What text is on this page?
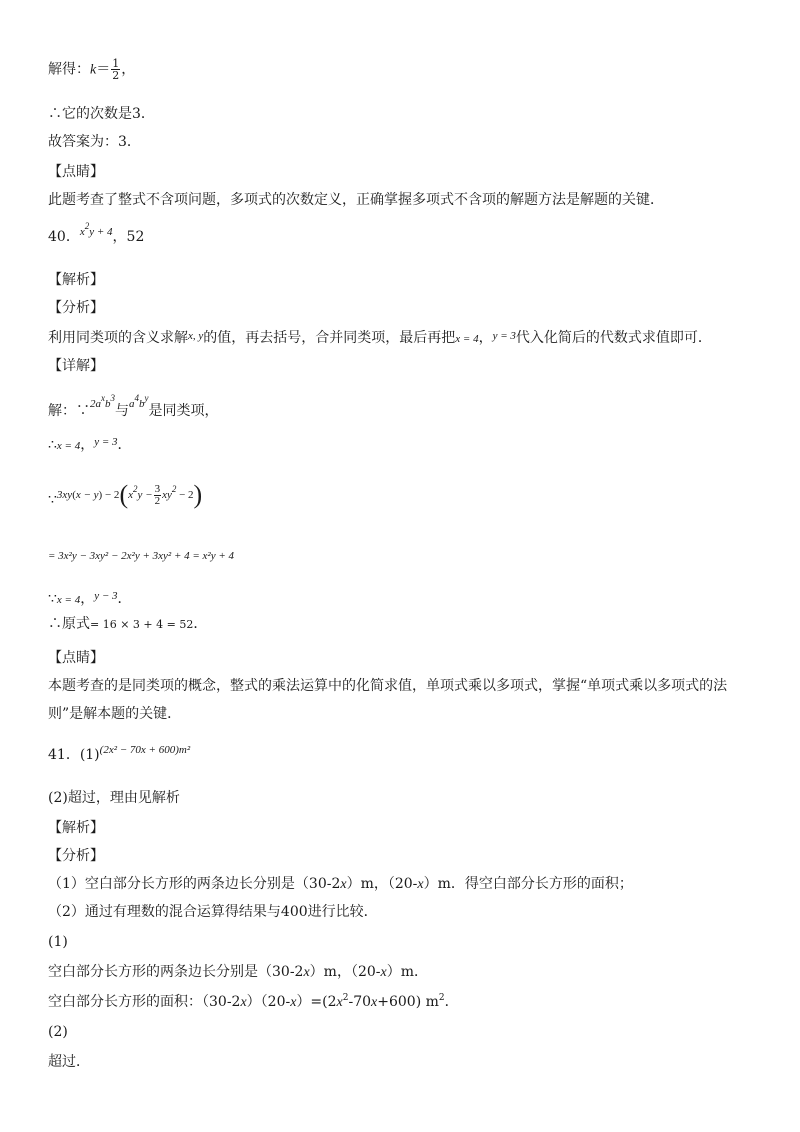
解得：$k= \frac{1}{2}$ ，
∴它的次数是3．
故答案为：3．
【点睛】
此题考查了整式不含项问题，多项式的次数定义，正确掌握多项式不含项的解题方法是解题的关键．
40．$^{x^2y + 4}$，52
【解析】
【分析】
利用同类项的含义求解$^{x, y}$的值，再去括号，合并同类项，最后再把x = 4，$^{y = 3}$代入化简后的代数式求值即可．
【详解】
解：∵$^{2a^xb^3}$与$^{a^4b^y}$是同类项，
∴x = 4，$^{y = 3}$．
∵3xy(x − $y) - 2(x^2y - \frac{3}{2} xy^2 - 2)$
= 3x²y − 3xy² − 2x²y + 3xy² + 4 = x²y + 4
∵x = 4，$^{y - 3}$．
∴原式= 16 × 3 + 4 = 52．
【点睛】
本题考查的是同类项的概念，整式的乘法运算中的化简求值，单项式乘以多项式，掌握“单项式乘以多项式的法
则”是解本题的关键．
41．$(1)^{(2x^2 - 70x + 600)m^2}$
(2)超过，理由见解析
【解析】
【分析】
（1）空白部分长方形的两条边长分别是（30-2x）m，（20-x）m．得空白部分长方形的面积；
（2）通过有理数的混合运算得结果与400进行比较．
(1)
空白部分长方形的两条边长分别是（30-2x）m，（20-x）m．
空白部分长方形的面积：$(30-2x)(20-x)=(2x^2-70x+600)$ $m^2$．
(2)
超过．
